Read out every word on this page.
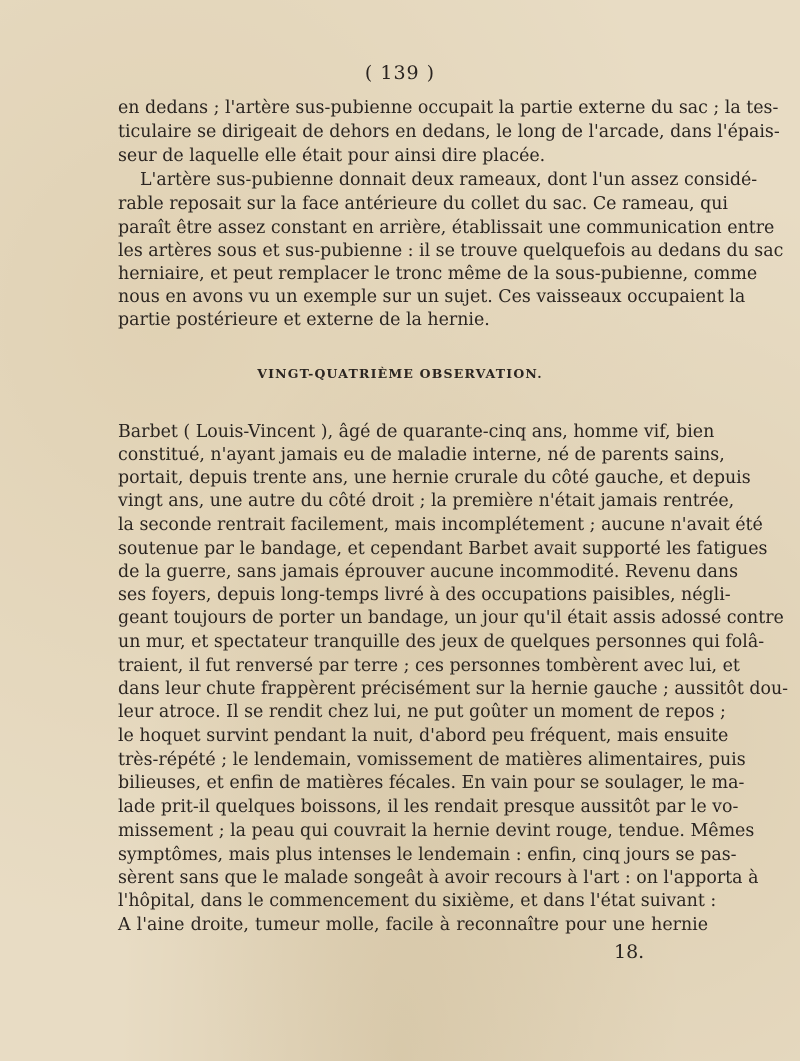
( 139 )
en dedans ; l'artère sus-pubienne occupait la partie externe du sac ; la tes-
ticulaire se dirigeait de dehors en dedans, le long de l'arcade, dans l'épais-
seur de laquelle elle était pour ainsi dire placée.
L'artère sus-pubienne donnait deux rameaux, dont l'un assez considé-
rable reposait sur la face antérieure du collet du sac. Ce rameau, qui
paraît être assez constant en arrière, établissait une communication entre
les artères sous et sus-pubienne : il se trouve quelquefois au dedans du sac
herniaire, et peut remplacer le tronc même de la sous-pubienne, comme
nous en avons vu un exemple sur un sujet. Ces vaisseaux occupaient la
partie postérieure et externe de la hernie.
VINGT-QUATRIÈME OBSERVATION.
Barbet ( Louis-Vincent ), âgé de quarante-cinq ans, homme vif, bien
constitué, n'ayant jamais eu de maladie interne, né de parents sains,
portait, depuis trente ans, une hernie crurale du côté gauche, et depuis
vingt ans, une autre du côté droit ; la première n'était jamais rentrée,
la seconde rentrait facilement, mais incomplétement ; aucune n'avait été
soutenue par le bandage, et cependant Barbet avait supporté les fatigues
de la guerre, sans jamais éprouver aucune incommodité. Revenu dans
ses foyers, depuis long-temps livré à des occupations paisibles, négli-
geant toujours de porter un bandage, un jour qu'il était assis adossé contre
un mur, et spectateur tranquille des jeux de quelques personnes qui folâ-
traient, il fut renversé par terre ; ces personnes tombèrent avec lui, et
dans leur chute frappèrent précisément sur la hernie gauche ; aussitôt dou-
leur atroce. Il se rendit chez lui, ne put goûter un moment de repos ;
le hoquet survint pendant la nuit, d'abord peu fréquent, mais ensuite
très-répété ; le lendemain, vomissement de matières alimentaires, puis
bilieuses, et enfin de matières fécales. En vain pour se soulager, le ma-
lade prit-il quelques boissons, il les rendait presque aussitôt par le vo-
missement ; la peau qui couvrait la hernie devint rouge, tendue. Mêmes
symptômes, mais plus intenses le lendemain : enfin, cinq jours se pas-
sèrent sans que le malade songeât à avoir recours à l'art : on l'apporta à
l'hôpital, dans le commencement du sixième, et dans l'état suivant :
A l'aine droite, tumeur molle, facile à reconnaître pour une hernie
18.
